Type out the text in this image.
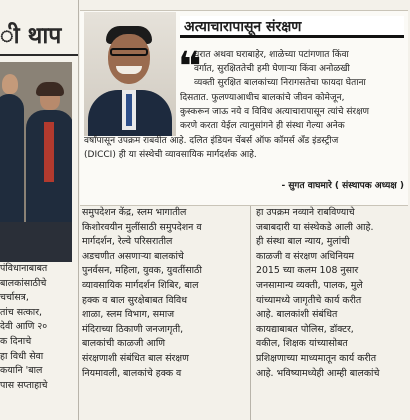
ी थाप
पंविधानाबाबत
बालकांसाठीचे
चर्चासत्र,
तांच सत्कार,
देवी आणि २०
क दिनाचे
हा विधी सेवा
कयानि 'बाल
पास सप्ताहाचे
अत्याचारापासून संरक्षण
❝
घरात अथवा घराबाहेर, शाळेच्या पटांगणात किंवा
वर्गात, सुरक्षिततेची हमी घेणाऱ्या किंवा अनोळखी
व्यक्ती सुरक्षित बालकांच्या निरागसतेचा फायदा घेताना
दिसतात. फुलण्याआधीच बालकांचे जीवन कोमेजून,
कुस्करून जाऊ नये व विविध अत्याचारापासून त्यांचे संरक्षण
करणे करता येईल त्यानुसांगने ही संस्था गेल्या अनेक
वर्षांपासून उपक्रम राबवीत आहे. दलित इंडियन चेंबर्स ऑफ कॉमर्स अँड इंडस्ट्रीज
(DICCI) ही या संस्थेची व्यावसायिक मार्गदर्शक आहे.
- सुगत वाघमारे ( संस्थापक अध्यक्ष )
समुपदेशन केंद्र, स्लम भागातील
किशोरवयीन मुलींसाठी समुपदेशन व
मार्गदर्शन, रेल्वे परिसरातील
अडचणीत असणाऱ्या बालकांचे
पुनर्वसन, महिला, युवक, युवतींसाठी
व्यावसायिक मार्गदर्शन शिबिर, बाल
हक्क व बाल सुरक्षेबाबत विविध
शाळा, स्लम विभाग, समाज
मंदिराच्या ठिकाणी जनजागृती,
बालकांची काळजी आणि
संरक्षणाशी संबंधित बाल संरक्षण
नियमावली, बालकांचे हक्क व
हा उपक्रम नव्याने राबविण्याचे
जबाबदारी या संस्थेकडे आली आहे.
ही संस्था बाल न्याय, मुलांची
काळजी व संरक्षण अधिनियम
2015 च्या कलम 108 नुसार
जनसामान्य व्यक्ती, पालक, मुले
यांच्यामध्ये जागृतीचे कार्य करीत
आहे. बालकांशी संबंधित
कायद्याबाबत पोलिस, डॉक्टर,
वकील, शिक्षक यांच्यासोबत
प्रशिक्षणाच्या माध्यमातून कार्य करीत
आहे. भविष्यामध्येही आम्ही बालकांचे
